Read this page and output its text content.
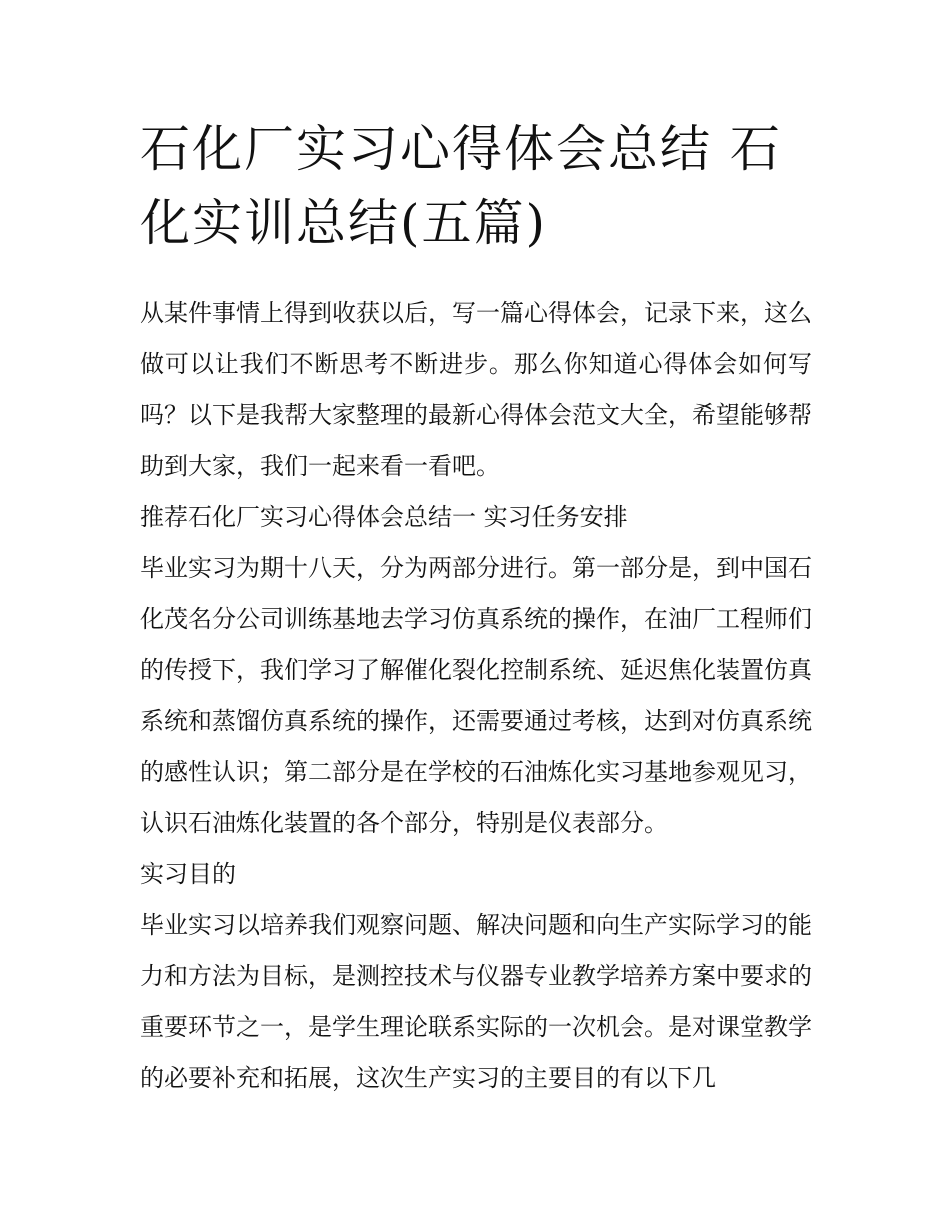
石化厂实习心得体会总结 石化实训总结(五篇)

从某件事情上得到收获以后，写一篇心得体会，记录下来，这么做可以让我们不断思考不断进步。那么你知道心得体会如何写吗？以下是我帮大家整理的最新心得体会范文大全，希望能够帮助到大家，我们一起来看一看吧。

推荐石化厂实习心得体会总结一 实习任务安排

毕业实习为期十八天，分为两部分进行。第一部分是，到中国石化茂名分公司训练基地去学习仿真系统的操作，在油厂工程师们的传授下，我们学习了解催化裂化控制系统、延迟焦化装置仿真系统和蒸馏仿真系统的操作，还需要通过考核，达到对仿真系统的感性认识；第二部分是在学校的石油炼化实习基地参观见习，认识石油炼化装置的各个部分，特别是仪表部分。

实习目的

毕业实习以培养我们观察问题、解决问题和向生产实际学习的能力和方法为目标，是测控技术与仪器专业教学培养方案中要求的重要环节之一，是学生理论联系实际的一次机会。是对课堂教学的必要补充和拓展，这次生产实习的主要目的有以下几
